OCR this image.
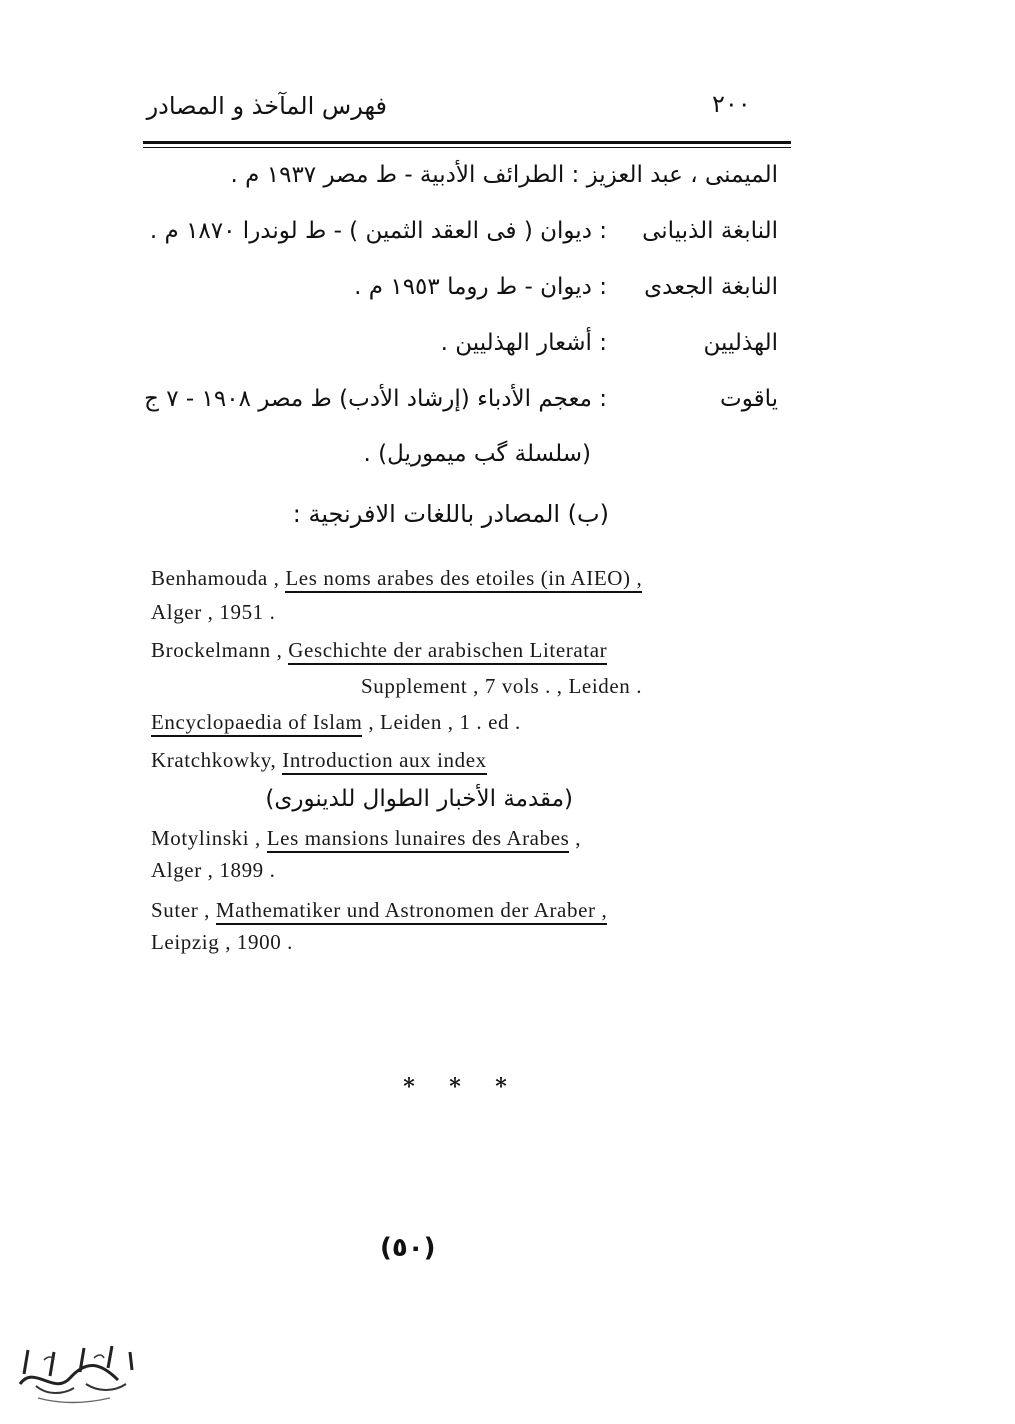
٢٠٠
فهرس المآخذ و المصادر
الميمنى ، عبد العزيز : الطرائف الأدبية - ط مصر ١٩٣٧ م .
النابغة الذبيانى
: ديوان ( فى العقد الثمين ) - ط لوندرا ١٨٧٠ م .
النابغة الجعدى
: ديوان - ط روما ١٩٥٣ م .
الهذليين
: أشعار الهذليين .
ياقوت
: معجم الأدباء (إرشاد الأدب) ط مصر ١٩٠٨ - ٧ ج
(سلسلة گب ميموريل) .
(ب) المصادر باللغات الافرنجية :
Benhamouda , Les noms arabes des etoiles (in AIEO) ,
Alger , 1951 .
Brockelmann , Geschichte der arabischen Literatar
Supplement , 7 vols . , Leiden .
Encyclopaedia of Islam , Leiden , 1 . ed .
Kratchkowky, Introduction aux index
(مقدمة الأخبار الطوال للدينورى)
Motylinski , Les mansions lunaires des Arabes ,
Alger , 1899 .
Suter , Mathematiker und Astronomen der Araber ,
Leipzig , 1900 .
* * *
(٥٠)
